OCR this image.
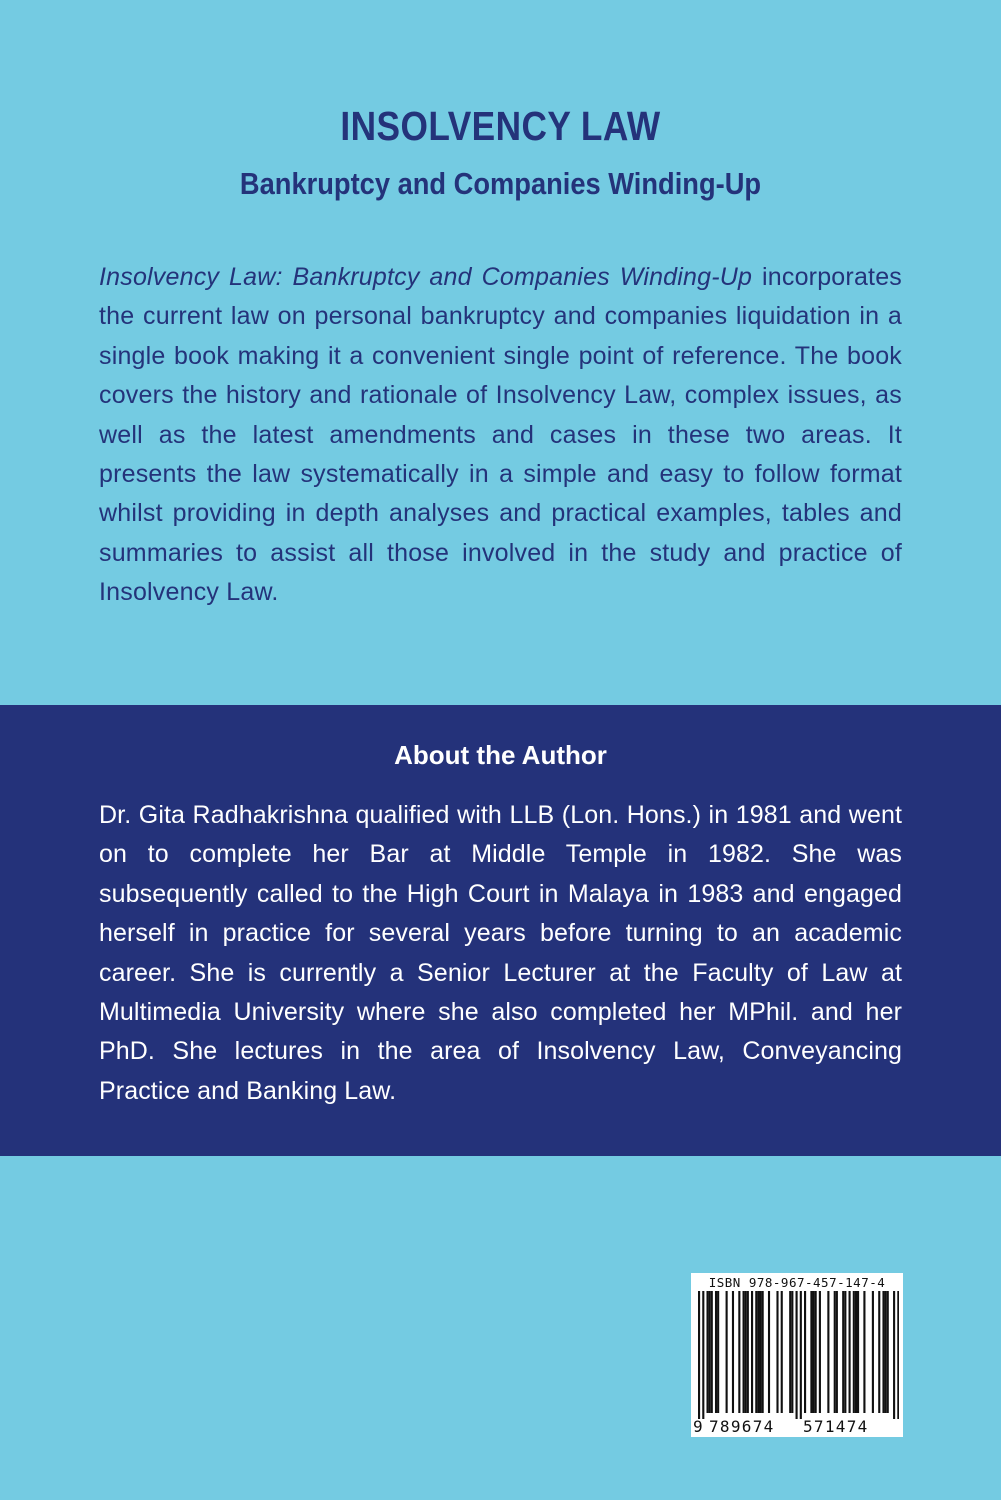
INSOLVENCY LAW
Bankruptcy and Companies Winding-Up
Insolvency Law: Bankruptcy and Companies Winding-Up incorporates the current law on personal bankruptcy and companies liquidation in a single book making it a convenient single point of reference. The book covers the history and rationale of Insolvency Law, complex issues, as well as the latest amendments and cases in these two areas. It presents the law systematically in a simple and easy to follow format whilst providing in depth analyses and practical examples, tables and summaries to assist all those involved in the study and practice of Insolvency Law.
About the Author
Dr. Gita Radhakrishna qualified with LLB (Lon. Hons.) in 1981 and went on to complete her Bar at Middle Temple in 1982. She was subsequently called to the High Court in Malaya in 1983 and engaged herself in practice for several years before turning to an academic career. She is currently a Senior Lecturer at the Faculty of Law at Multimedia University where she also completed her MPhil. and her PhD. She lectures in the area of Insolvency Law, Conveyancing Practice and Banking Law.
ISBN 978-967-457-147-4
9 789674 571474
